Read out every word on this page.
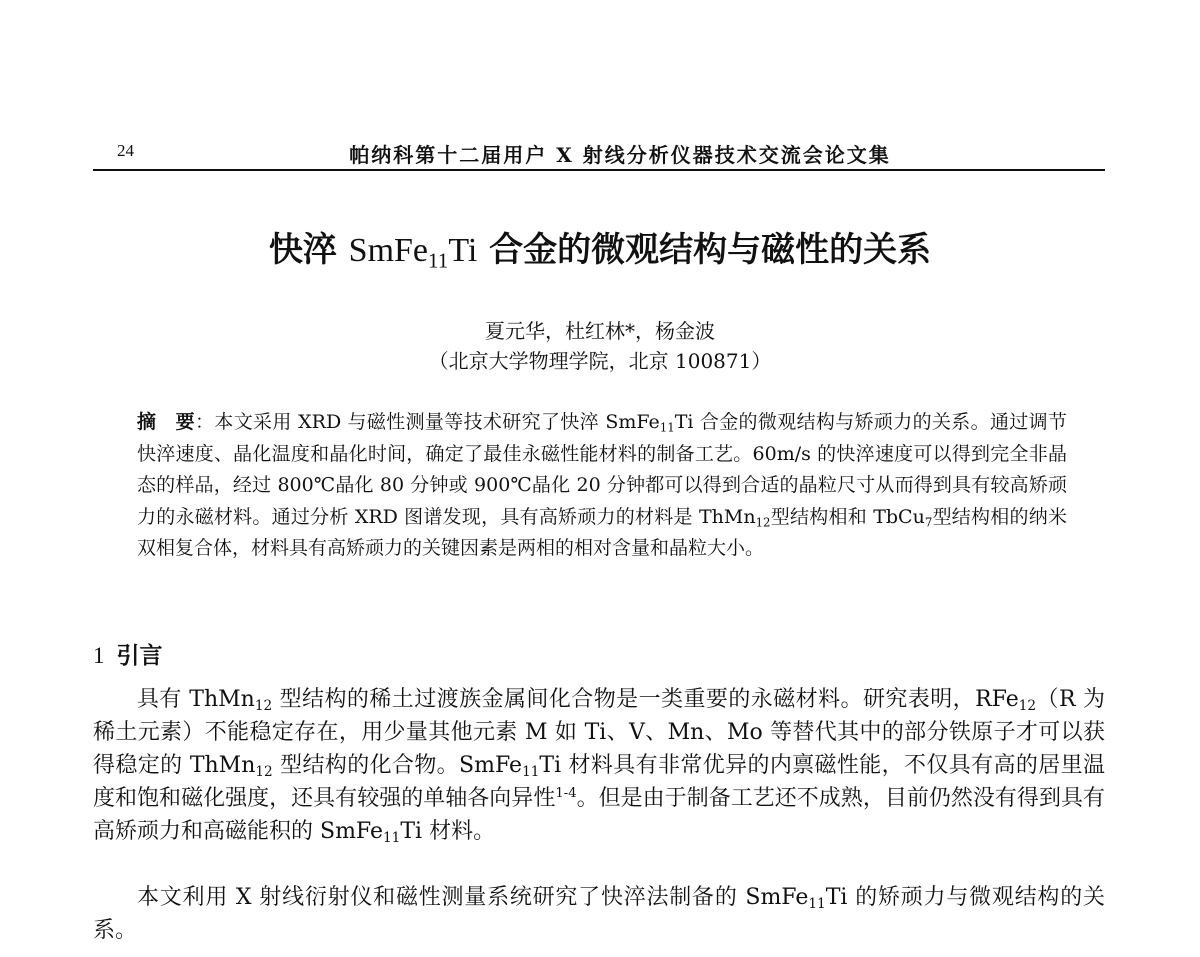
24	帕纳科第十二届用户 X 射线分析仪器技术交流会论文集
快淬 SmFe$_{11}$Ti 合金的微观结构与磁性的关系
夏元华，杜红林*，杨金波
（北京大学物理学院，北京 100871）
摘　要：本文采用 XRD 与磁性测量等技术研究了快淬 SmFe$_{11}$Ti 合金的微观结构与矫顽力的关系。通过调节快淬速度、晶化温度和晶化时间，确定了最佳永磁性能材料的制备工艺。60m/s 的快淬速度可以得到完全非晶态的样品，经过 800℃晶化 80 分钟或 900℃晶化 20 分钟都可以得到合适的晶粒尺寸从而得到具有较高矫顽力的永磁材料。通过分析 XRD 图谱发现，具有高矫顽力的材料是 ThMn$_{12}$型结构相和 TbCu$_7$型结构相的纳米双相复合体，材料具有高矫顽力的关键因素是两相的相对含量和晶粒大小。
1 引言

具有 ThMn$_{12}$ 型结构的稀土过渡族金属间化合物是一类重要的永磁材料。研究表明，RFe$_{12}$（R 为稀土元素）不能稳定存在，用少量其他元素 M 如 Ti、V、Mn、Mo 等替代其中的部分铁原子才可以获得稳定的 ThMn$_{12}$ 型结构的化合物。SmFe$_{11}$Ti 材料具有非常优异的内禀磁性能，不仅具有高的居里温度和饱和磁化强度，还具有较强的单轴各向异性$^{1-4}$。但是由于制备工艺还不成熟，目前仍然没有得到具有高矫顽力和高磁能积的 SmFe$_{11}$Ti 材料。

本文利用 X 射线衍射仪和磁性测量系统研究了快淬法制备的 SmFe$_{11}$Ti 的矫顽力与微观结构的关系。
